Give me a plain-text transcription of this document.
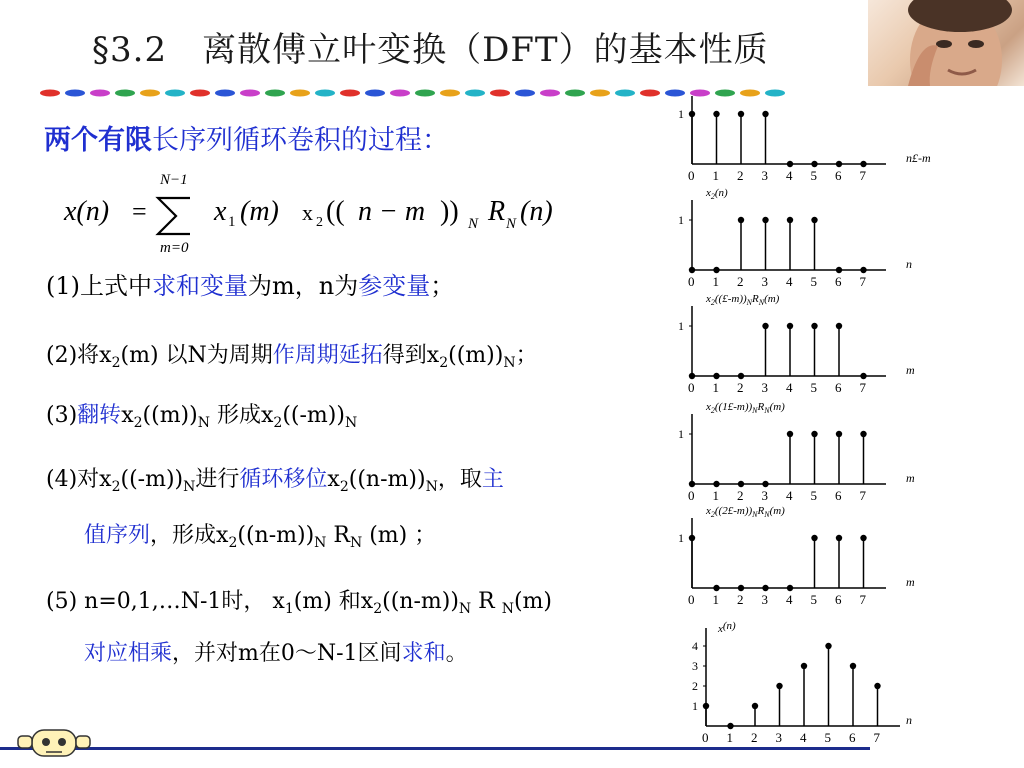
§3.2　离散傅立叶变换（DFT）的基本性质
两个有限长序列循环卷积的过程：
x(n) =
N−1
m=0
x 1 (m) x 2 (( n − m )) N R N (n)
(1)上式中求和变量为m，n为参变量；
(2)将$x_2(m)$ 以N为周期作周期延拓得到$x_2((m))_N$；
(3)翻转$x_2((m))_N$ 形成$x_2((-m))_N$
(4)对$x_2((-m))_N$进行循环移位$x_2((n-m))_N$，取主
值序列，形成$x_2((n-m))_N$ $R_N$ (m) ；
(5) n=0,1,…N-1时， $x_1(m)$ 和$x_2((n-m))_N$ R $_N$(m)
对应相乘，并对m在0～N-1区间求和。
1
0 1 2 3 4 5 6 7
n£-m
1
0 1 2 3 4 5 6 7
n
$x_2(n)$
1
0 1 2 3 4 5 6 7
m
$x_2((£-m))_NR_N(m)$
1
0 1 2 3 4 5 6 7
m
$x_2((1£-m))_NR_N(m)$
1
0 1 2 3 4 5 6 7
m
$x_2((2£-m))_NR_N(m)$
1
2
3
4
0 1 2 3 4 5 6 7
n
x(n)
